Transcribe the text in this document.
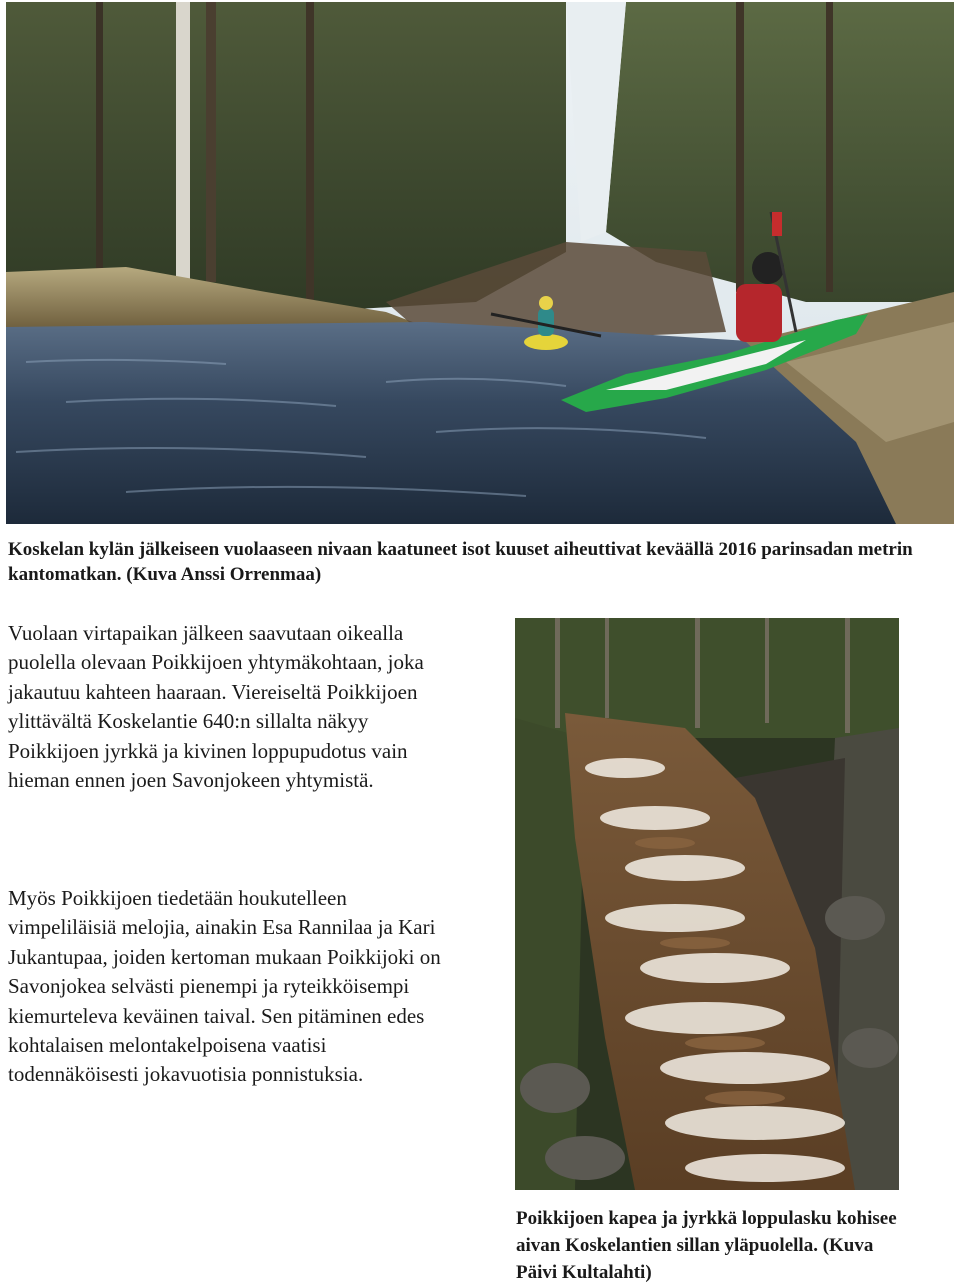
Koskelan kylän jälkeiseen vuolaaseen nivaan kaatuneet isot kuuset aiheuttivat keväällä 2016 parinsadan metrin kantomatkan. (Kuva Anssi Orrenmaa)

Vuolaan virtapaikan jälkeen saavutaan oikealla puolella olevaan Poikkijoen yhtymäkohtaan, joka jakautuu kahteen haaraan. Viereiseltä Poikkijoen ylittävältä Koskelantie 640:n sillalta näkyy Poikkijoen jyrkkä ja kivinen loppupudotus vain hieman ennen joen Savonjokeen yhtymistä.

Myös Poikkijoen tiedetään houkutelleen vimpeliläisiä melojia, ainakin Esa Rannilaa ja Kari Jukantupaa, joiden kertoman mukaan Poikkijoki on Savonjokea selvästi pienempi ja ryteikköisempi kiemurteleva keväinen taival. Sen pitäminen edes kohtalaisen melontakelpoisena vaatisi todennäköisesti jokavuotisia ponnistuksia.

Poikkijoen kapea ja jyrkkä loppulasku kohisee aivan Koskelantien sillan yläpuolella. (Kuva Päivi Kultalahti)
